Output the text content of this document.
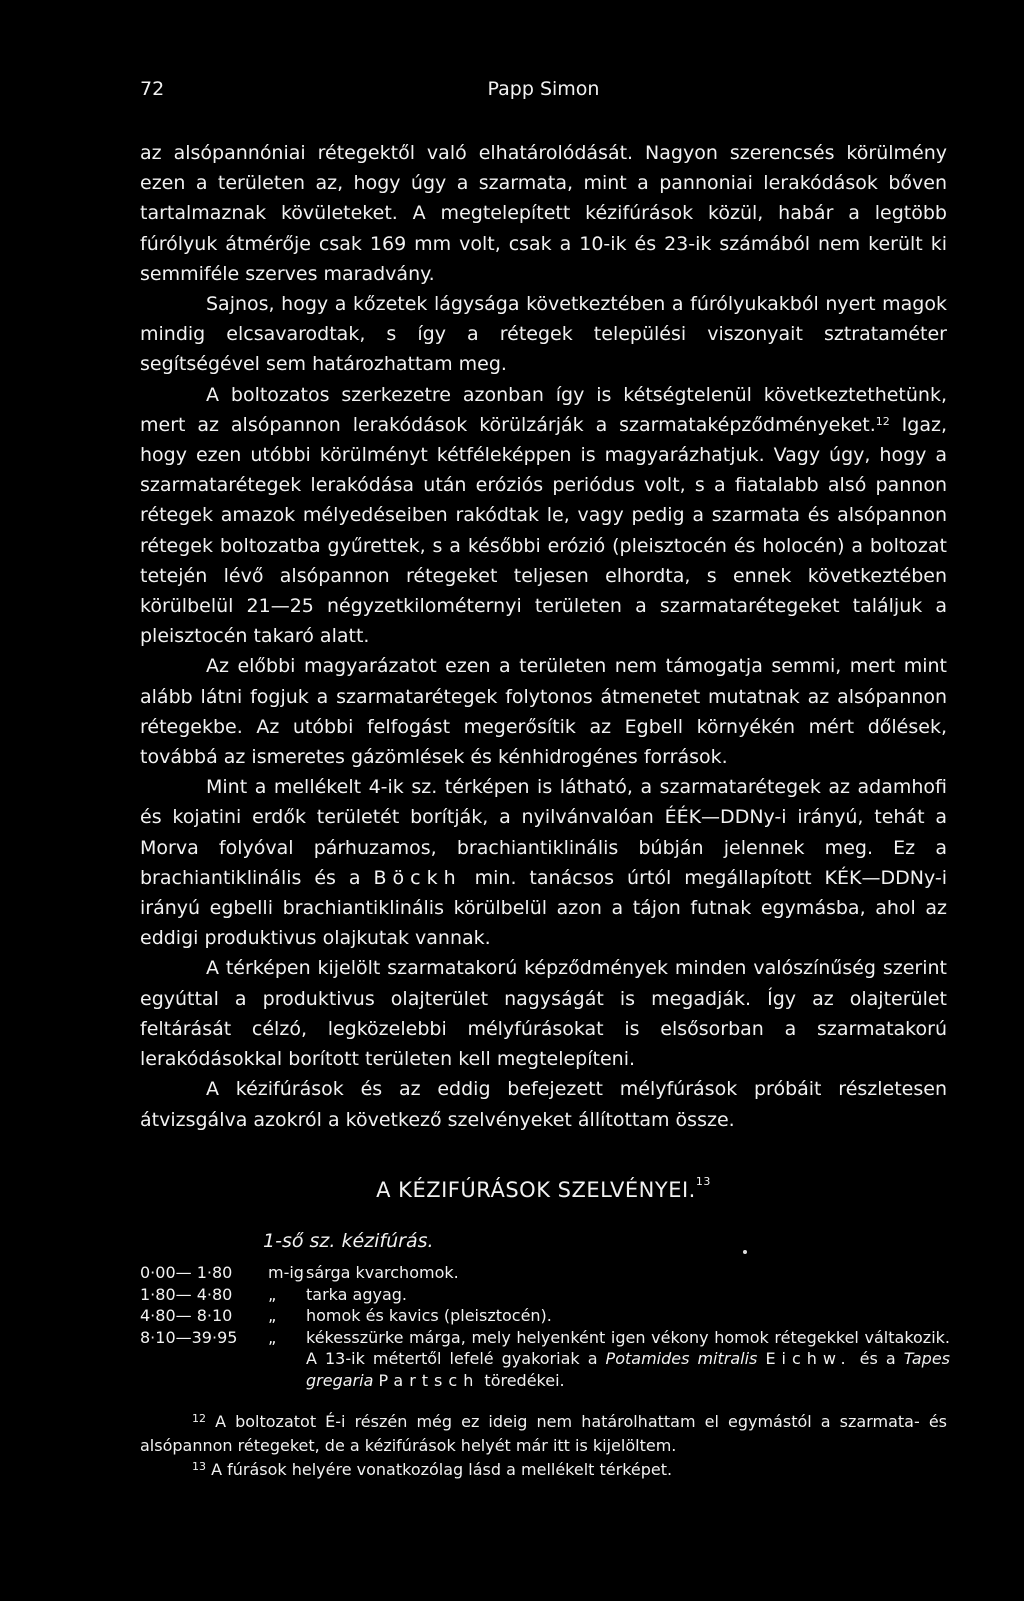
72	Papp Simon

az alsópannóniai rétegektől való elhatárolódását. Nagyon szerencsés körülmény ezen a területen az, hogy úgy a szarmata, mint a pannoniai lerakódások bőven tartalmaznak kövületeket. A megtelepített kézifúrások közül, habár a legtöbb fúrólyuk átmérője csak 169 mm volt, csak a 10-ik és 23-ik számából nem került ki semmiféle szerves maradvány.

Sajnos, hogy a kőzetek lágysága következtében a fúrólyukakból nyert magok mindig elcsavarodtak, s így a rétegek települési viszonyait sztrataméter segítségével sem határozhattam meg.

A boltozatos szerkezetre azonban így is kétségtelenül következtethetünk, mert az alsópannon lerakódások körülzárják a szarmataképződményeket.$^{12}$ Igaz, hogy ezen utóbbi körülményt kétféleképpen is magyarázhatjuk. Vagy úgy, hogy a szarmatarétegek lerakódása után eróziós periódus volt, s a fiatalabb alsó pannon rétegek amazok mélyedéseiben rakódtak le, vagy pedig a szarmata és alsópannon rétegek boltozatba gyűrettek, s a későbbi erózió (pleisztocén és holocén) a boltozat tetején lévő alsópannon rétegeket teljesen elhordta, s ennek következtében körülbelül 21—25 négyzetkilométernyi területen a szarmatarétegeket találjuk a pleisztocén takaró alatt.

Az előbbi magyarázatot ezen a területen nem támogatja semmi, mert mint alább látni fogjuk a szarmatarétegek folytonos átmenetet mutatnak az alsópannon rétegekbe. Az utóbbi felfogást megerősítik az Egbell környékén mért dőlések, továbbá az ismeretes gázömlések és kénhidrogénes források.

Mint a mellékelt 4-ik sz. térképen is látható, a szarmatarétegek az adamhofi és kojatini erdők területét borítják, a nyilvánvalóan ÉÉK—DDNy-i irányú, tehát a Morva folyóval párhuzamos, brachiantiklinális búbján jelennek meg. Ez a brachiantiklinális és a Böckh min. tanácsos úrtól megállapított KÉK—DDNy-i irányú egbelli brachiantiklinális körülbelül azon a tájon futnak egymásba, ahol az eddigi produktivus olajkutak vannak.

A térképen kijelölt szarmatakorú képződmények minden valószínűség szerint egyúttal a produktivus olajterület nagyságát is megadják. Így az olajterület feltárását célzó, legközelebbi mélyfúrásokat is elsősorban a szarmatakorú lerakódásokkal borított területen kell megtelepíteni.

A kézifúrások és az eddig befejezett mélyfúrások próbáit részletesen átvizsgálva azokról a következő szelvényeket állítottam össze.

A KÉZIFÚRÁSOK SZELVÉNYEI.$^{13}$
1-ső sz. kézifúrás.
0·00— 1·80	m-ig sárga kvarchomok.
1·80— 4·80	„	tarka agyag.
4·80— 8·10	„	homok és kavics (pleisztocén).
8·10—39·95	„	kékesszürke márga, mely helyenként igen vékony homok rétegekkel váltakozik. A 13-ik métertől lefelé gyakoriak a Potamides mitralis Eichw. és a Tapes gregaria Partsch töredékei.

$^{12}$ A boltozatot É-i részén még ez ideig nem határolhattam el egymástól a szarmata- és alsópannon rétegeket, de a kézifúrások helyét már itt is kijelöltem.

$^{13}$ A fúrások helyére vonatkozólag lásd a mellékelt térképet.
